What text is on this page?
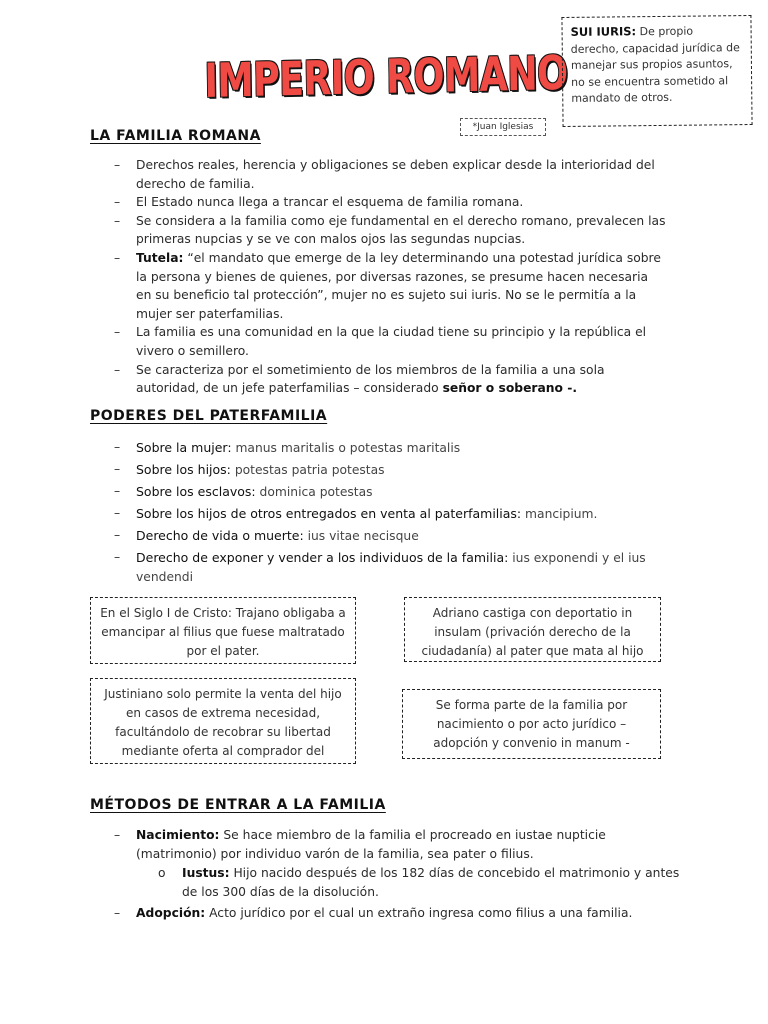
IMPERIO ROMANO
SUI IURIS: De propio derecho, capacidad jurídica de manejar sus propios asuntos, no se encuentra sometido al mandato de otros.
*Juan Iglesias
LA FAMILIA ROMANA
– Derechos reales, herencia y obligaciones se deben explicar desde la interioridad del derecho de familia.
– El Estado nunca llega a trancar el esquema de familia romana.
– Se considera a la familia como eje fundamental en el derecho romano, prevalecen las primeras nupcias y se ve con malos ojos las segundas nupcias.
– Tutela: “el mandato que emerge de la ley determinando una potestad jurídica sobre la persona y bienes de quienes, por diversas razones, se presume hacen necesaria en su beneficio tal protección”, mujer no es sujeto sui iuris. No se le permitía a la mujer ser paterfamilias.
– La familia es una comunidad en la que la ciudad tiene su principio y la república el vivero o semillero.
– Se caracteriza por el sometimiento de los miembros de la familia a una sola autoridad, de un jefe paterfamilias – considerado señor o soberano -.
PODERES DEL PATERFAMILIA
– Sobre la mujer: manus maritalis o potestas maritalis
– Sobre los hijos: potestas patria potestas
– Sobre los esclavos: dominica potestas
– Sobre los hijos de otros entregados en venta al paterfamilias: mancipium.
– Derecho de vida o muerte: ius vitae necisque
– Derecho de exponer y vender a los individuos de la familia: ius exponendi y el ius vendendi
En el Siglo I de Cristo: Trajano obligaba a emancipar al filius que fuese maltratado por el pater.
Adriano castiga con deportatio in insulam (privación derecho de la ciudadanía) al pater que mata al hijo
Justiniano solo permite la venta del hijo en casos de extrema necesidad, facultándolo de recobrar su libertad mediante oferta al comprador del
Se forma parte de la familia por nacimiento o por acto jurídico – adopción y convenio in manum -
MÉTODOS DE ENTRAR A LA FAMILIA
– Nacimiento: Se hace miembro de la familia el procreado en iustae nupticie (matrimonio) por individuo varón de la familia, sea pater o filius.
o Iustus: Hijo nacido después de los 182 días de concebido el matrimonio y antes de los 300 días de la disolución.
– Adopción: Acto jurídico por el cual un extraño ingresa como filius a una familia.
